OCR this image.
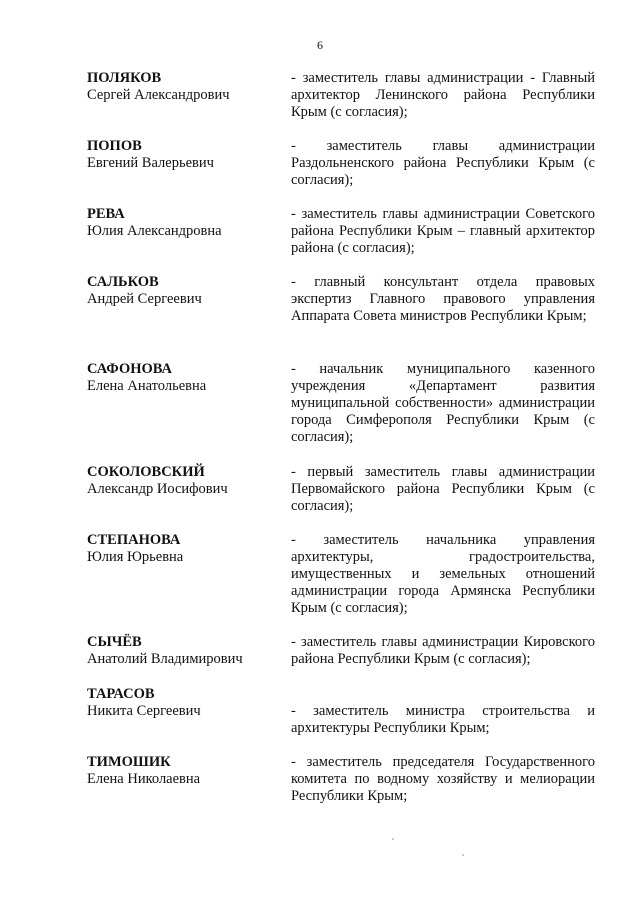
6
ПОЛЯКОВ
Сергей Александрович
- заместитель главы администрации - Главный архитектор Ленинского района Республики Крым (с согласия);
ПОПОВ
Евгений Валерьевич
- заместитель главы администрации Раздольненского района Республики Крым (с согласия);
РЕВА
Юлия Александровна
- заместитель главы администрации Советского района Республики Крым – главный архитектор района (с согласия);
САЛЬКОВ
Андрей Сергеевич
- главный консультант отдела правовых экспертиз Главного правового управления Аппарата Совета министров Республики Крым;
САФОНОВА
Елена Анатольевна
- начальник муниципального казенного учреждения «Департамент развития муниципальной собственности» администрации города Симферополя Республики Крым (с согласия);
СОКОЛОВСКИЙ
Александр Иосифович
- первый заместитель главы администрации Первомайского района Республики Крым (с согласия);
СТЕПАНОВА
Юлия Юрьевна
- заместитель начальника управления архитектуры, градостроительства, имущественных и земельных отношений администрации города Армянска Республики Крым (с согласия);
СЫЧЁВ
Анатолий Владимирович
- заместитель главы администрации Кировского района Республики Крым (с согласия);
ТАРАСОВ
Никита Сергеевич	- заместитель министра строительства и архитектуры Республики Крым;
ТИМОШИК
Елена Николаевна
- заместитель председателя Государственного комитета по водному хозяйству и мелиорации Республики Крым;
